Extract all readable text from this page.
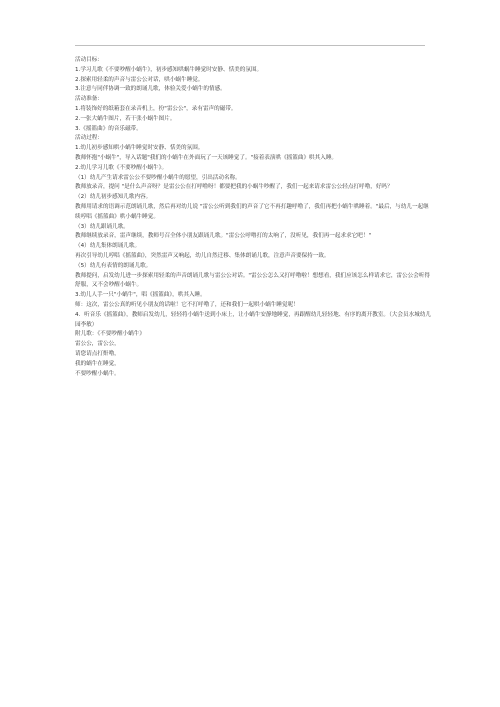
活动目标：
1.学习儿歌《不要吵醒小蜗牛》，初步感知哄蜗牛睡觉时安静、恬美的氛围。
2.探索用轻柔的声音与雷公公对话，哄小蜗牛睡觉。
3.注意与同伴协调一致的朗诵儿歌，体验关爱小蜗牛的情感。
活动准备：
1.将装饰好的纸箱套在录音机上，扮"雷公公"，录有雷声的磁带。
2.一张大蜗牛图片，若干张小蜗牛图片。
3.《摇篮曲》的音乐磁带。
活动过程：
1.幼儿初步感知哄小蜗牛睡觉时安静、恬美的氛围。
教师怀抱"小蜗牛"，导入话题"我们的小蜗牛在外面玩了一天该睡觉了。"接着表演哄《摇篮曲》哄其入睡。
2.幼儿学习儿歌《不要吵醒小蜗牛》。
（1）幼儿产生请求雷公公不要吵醒小蜗牛的愿望，引出活动名称。
教师放录音，提问 "是什么声音呀？是雷公公在打呼噜呀！都要把我的小蜗牛吵醒了，我们一起来请求雷公公轻点打呼噜，好吗？
（2）幼儿初步感知儿歌内容。
教师用请求的语调示范朗诵儿歌，然后再对幼儿说 "雷公公听到我们的声音了它不再打趣呼噜了，我们再把小蜗牛哄睡着。"最后，与幼儿一起继续哼唱《摇篮曲》哄小蜗牛睡觉。
（3）幼儿跟诵儿歌。
教师继续放录音，雷声继续，教师号召全体小朋友跟诵儿歌。"雷公公呼噜打的太响了，没听见，我们再一起求求它吧！"
（4）幼儿集体朗诵儿歌。
再次引导幼儿哼唱《摇篮曲》，突然雷声又响起，幼儿自然迁移、集体朗诵儿歌，注意声音要保持一致。
（5）幼儿有表情的朗诵儿歌。
教师提问，启发幼儿进一步探索用轻柔的声音朗诵儿歌与雷公公对话。"雷公公怎么又打呼噜啦！想想看，我们应该怎么样请求它，雷公公会听得舒服，又不会吵醒小蜗牛。
3.幼儿人手一只"小蜗牛"，唱《摇篮曲》，哄其入睡。
师：这次，雷公公真的听见小朋友的话啦！它不打呼噜了，还和我们一起哄小蜗牛睡觉呢！
4．听音乐《摇篮曲》，教师启发幼儿，轻轻将小蜗牛送到小床上，让小蜗牛安静地睡觉，再跟醒幼儿轻轻地、有序的离开教室。（大会员水城幼儿园李敏）
附儿歌：《不要吵醒小蜗牛》
雷公公，雷公公，
请您请点打鼾噜，
我的蜗牛在睡觉，
不要吵醒小蜗牛。
